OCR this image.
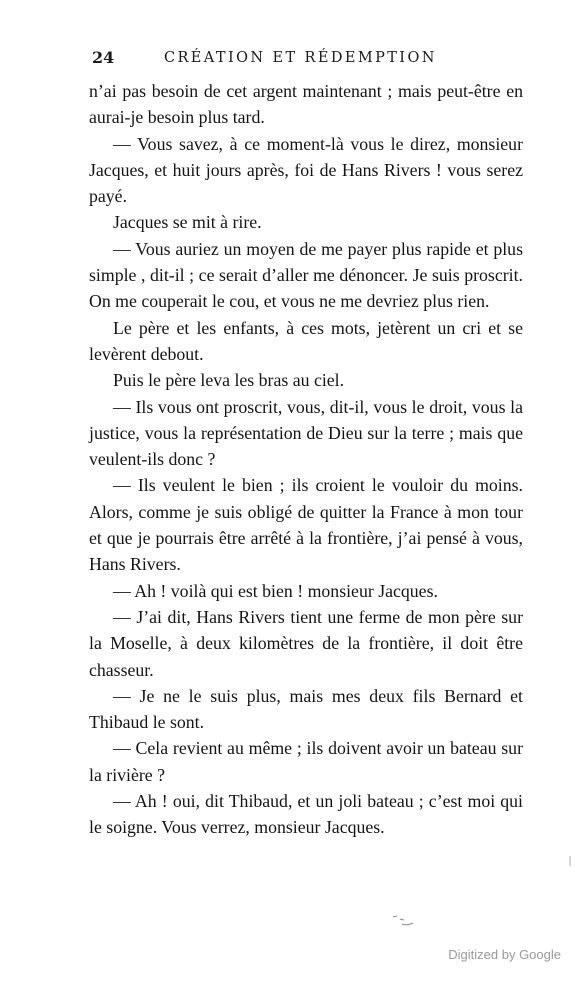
24	CRÉATION ET RÉDEMPTION

n’ai pas besoin de cet argent maintenant ; mais peut-être en aurai-je besoin plus tard.

— Vous savez, à ce moment-là vous le direz, monsieur Jacques, et huit jours après, foi de Hans Rivers ! vous serez payé.

Jacques se mit à rire.

— Vous auriez un moyen de me payer plus rapide et plus simple , dit-il ; ce serait d’aller me dénoncer. Je suis proscrit. On me couperait le cou, et vous ne me devriez plus rien.

Le père et les enfants, à ces mots, jetèrent un cri et se levèrent debout.

Puis le père leva les bras au ciel.

— Ils vous ont proscrit, vous, dit-il, vous le droit, vous la justice, vous la représentation de Dieu sur la terre ; mais que veulent-ils donc ?

— Ils veulent le bien ; ils croient le vouloir du moins. Alors, comme je suis obligé de quitter la France à mon tour et que je pourrais être arrêté à la frontière, j’ai pensé à vous, Hans Rivers.

— Ah ! voilà qui est bien ! monsieur Jacques.

— J’ai dit, Hans Rivers tient une ferme de mon père sur la Moselle, à deux kilomètres de la frontière, il doit être chasseur.

— Je ne le suis plus, mais mes deux fils Bernard et Thibaud le sont.

— Cela revient au même ; ils doivent avoir un bateau sur la rivière ?

— Ah ! oui, dit Thibaud, et un joli bateau ; c’est moi qui le soigne. Vous verrez, monsieur Jacques.

Digitized by Google
